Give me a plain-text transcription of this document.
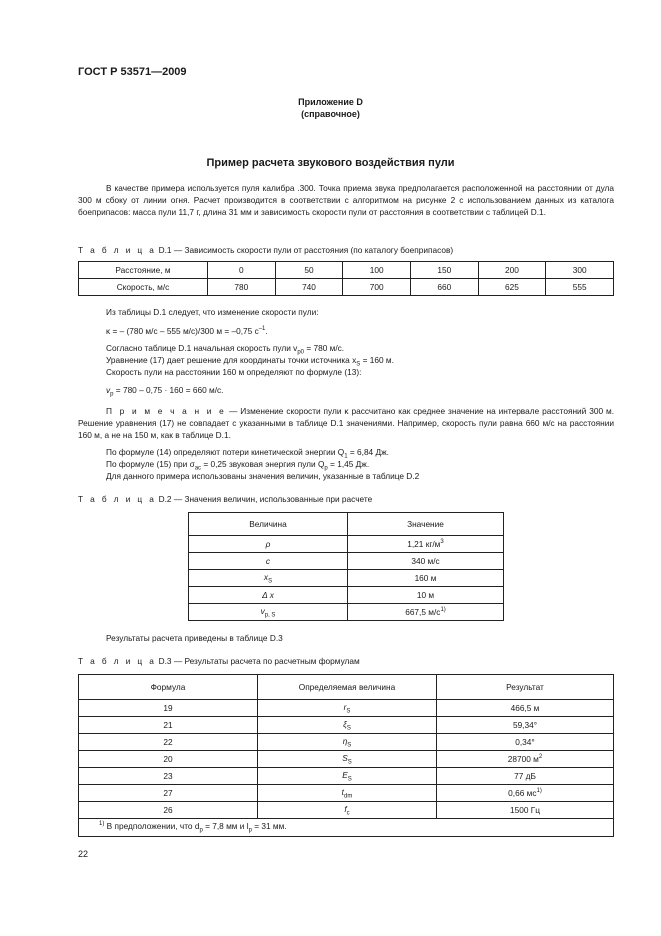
ГОСТ Р 53571—2009
Приложение D
(справочное)
Пример расчета звукового воздействия пули
В качестве примера используется пуля калибра .300. Точка приема звука предполагается расположенной на расстоянии от дула 300 м сбоку от линии огня. Расчет производится в соответствии с алгоритмом на рисунке 2 с использованием данных из каталога боеприпасов: масса пули 11,7 г, длина 31 мм и зависимость скорости пули от расстояния в соответствии с таблицей D.1.
Т а б л и ц а D.1 — Зависимость скорости пули от расстояния (по каталогу боеприпасов)
Расстояние, м	0	50	100	150	200	300
Скорость, м/с	780	740	700	660	625	555
Из таблицы D.1 следует, что изменение скорости пули:
κ = – (780 м/с – 555 м/с)/300 м = –0,75 $с^{-1}$.
Согласно таблице D.1 начальная скорость пули $v_{p0} = 780$ м/с.
Уравнение (17) дает решение для координаты точки источника $x_S = 160$ м.
Скорость пули на расстоянии 160 м определяют по формуле (13):
$v_p = 780 - 0,75 \cdot 160 = 660$ м/с.
П р и м е ч а н и е — Изменение скорости пули κ рассчитано как среднее значение на интервале расстояний 300 м. Решение уравнения (17) не совпадает с указанными в таблице D.1 значениями. Например, скорость пули равна 660 м/с на расстоянии 160 м, а не на 150 м, как в таблице D.1.
По формуле (14) определяют потери кинетической энергии $Q_1 = 6,84$ Дж.
По формуле (15) при $\sigma_{ac} = 0,25$ звуковая энергия пули $Q_p = 1,45$ Дж.
Для данного примера использованы значения величин, указанные в таблице D.2
Т а б л и ц а D.2 — Значения величин, использованные при расчете
Величина	Значение
ρ	1,21 $кг/м^3$
c	340 м/с
$x_S$	160 м
Δ x	10 м
$v_{p, S}$	667,5 $м/с^{1)}$
Результаты расчета приведены в таблице D.3
Т а б л и ц а D.3 — Результаты расчета по расчетным формулам
Формула	Определяемая величина	Результат
19	$r_S$	466,5 м
21	$\xi_S$	59,34°
22	$\eta_S$	0,34°
20	$S_S$	28700 $м^2$
23	$E_S$	77 дБ
27	$t_{dm}$	0,66 $мс^{1)}$
26	$f_c$	1500 Гц
$^{1)}$ В предположении, что $d_p = 7,8$ мм и $l_p = 31$ мм.		
22
